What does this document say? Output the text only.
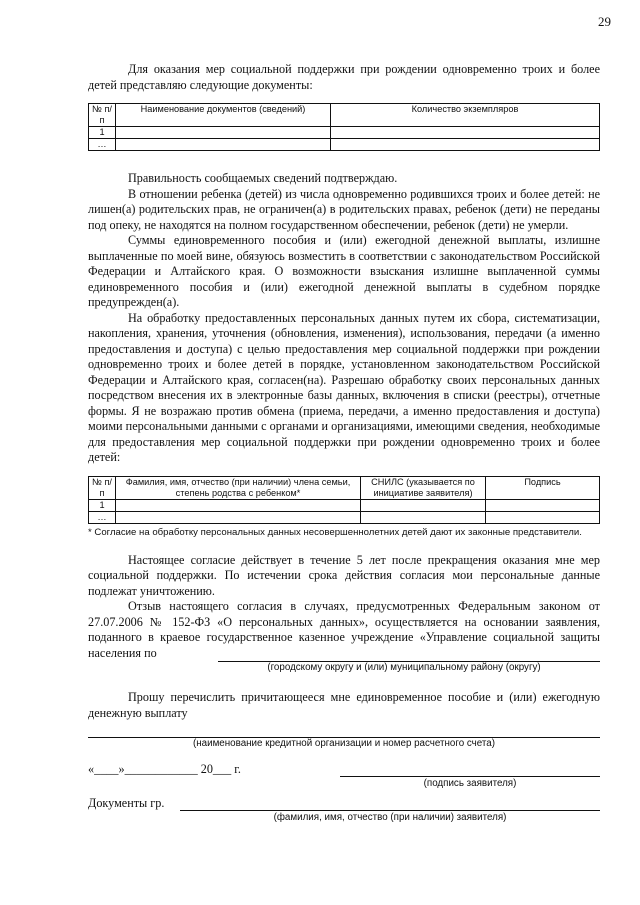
29

Для оказания мер социальной поддержки при рождении одновременно троих и более детей представляю следующие документы:

№ п/п	Наименование документов (сведений)	Количество экземпляров
1		
…		

Правильность сообщаемых сведений подтверждаю.

В отношении ребенка (детей) из числа одновременно родившихся троих и более детей: не лишен(а) родительских прав, не ограничен(а) в родительских правах, ребенок (дети) не переданы под опеку, не находятся на полном государственном обеспечении, ребенок (дети) не умерли.

Суммы единовременного пособия и (или) ежегодной денежной выплаты, излишне выплаченные по моей вине, обязуюсь возместить в соответствии с законодательством Российской Федерации и Алтайского края. О возможности взыскания излишне выплаченной суммы единовременного пособия и (или) ежегодной денежной выплаты в судебном порядке предупрежден(а).

На обработку предоставленных персональных данных путем их сбора, систематизации, накопления, хранения, уточнения (обновления, изменения), использования, передачи (а именно предоставления и доступа) с целью предоставления мер социальной поддержки при рождении одновременно троих и более детей в порядке, установленном законодательством Российской Федерации и Алтайского края, согласен(на). Разрешаю обработку своих персональных данных посредством внесения их в электронные базы данных, включения в списки (реестры), отчетные формы. Я не возражаю против обмена (приема, передачи, а именно предоставления и доступа) моими персональными данными с органами и организациями, имеющими сведения, необходимые для предоставления мер социальной поддержки при рождении одновременно троих и более детей:

№ п/п	Фамилия, имя, отчество (при наличии) члена семьи, степень родства с ребенком*	СНИЛС (указывается по инициативе заявителя)	Подпись
1			
…			
* Согласие на обработку персональных данных несовершеннолетних детей дают их законные представители.

Настоящее согласие действует в течение 5 лет после прекращения оказания мне мер социальной поддержки. По истечении срока действия согласия мои персональные данные подлежат уничтожению.

Отзыв настоящего согласия в случаях, предусмотренных Федеральным законом от 27.07.2006 № 152-ФЗ «О персональных данных», осуществляется на основании заявления, поданного в краевое государственное казенное учреждение «Управление социальной защиты населения по

(городскому округу и (или) муниципальному району (округу)

Прошу перечислить причитающееся мне единовременное пособие и (или) ежегодную денежную выплату

(наименование кредитной организации и номер расчетного счета)
«____»____________ 20___ г.
(подпись заявителя)
Документы гр.
(фамилия, имя, отчество (при наличии) заявителя)
